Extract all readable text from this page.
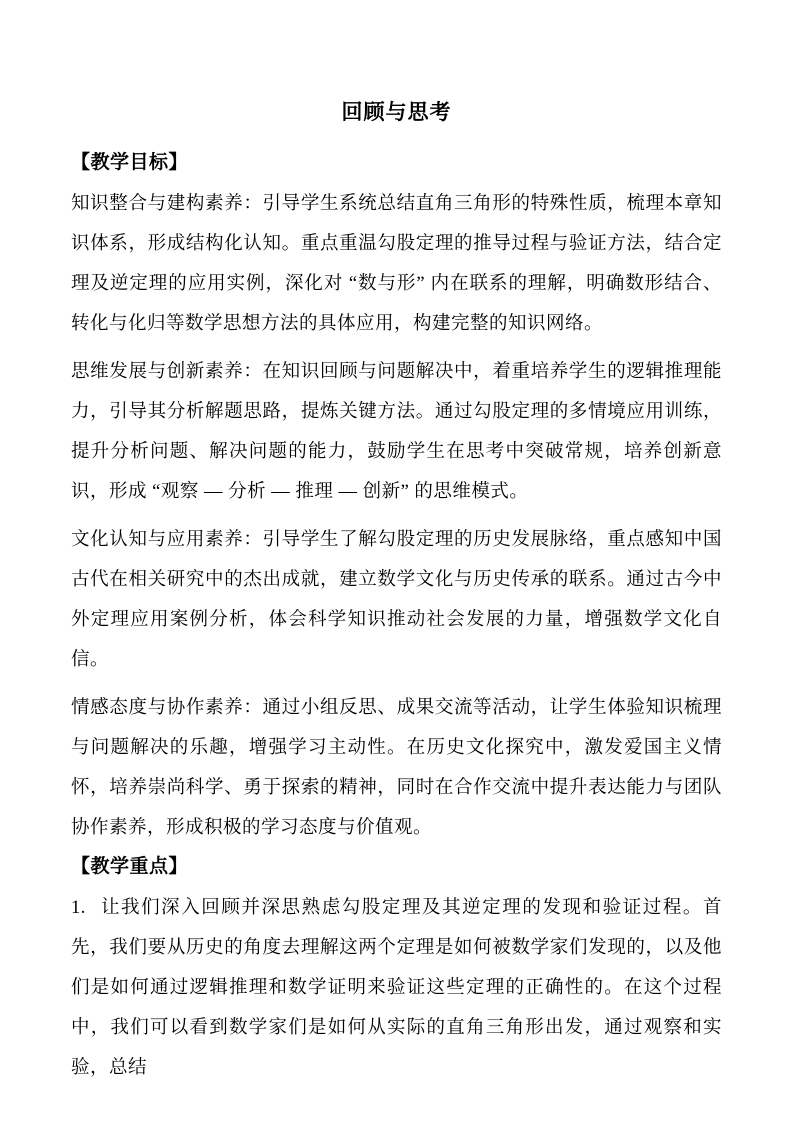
回顾与思考
【教学目标】

知识整合与建构素养：引导学生系统总结直角三角形的特殊性质，梳理本章知识体系，形成结构化认知。重点重温勾股定理的推导过程与验证方法，结合定理及逆定理的应用实例，深化对 “数与形” 内在联系的理解，明确数形结合、转化与化归等数学思想方法的具体应用，构建完整的知识网络。

思维发展与创新素养：在知识回顾与问题解决中，着重培养学生的逻辑推理能力，引导其分析解题思路，提炼关键方法。通过勾股定理的多情境应用训练，提升分析问题、解决问题的能力，鼓励学生在思考中突破常规，培养创新意识，形成 “观察 — 分析 — 推理 — 创新” 的思维模式。

文化认知与应用素养：引导学生了解勾股定理的历史发展脉络，重点感知中国古代在相关研究中的杰出成就，建立数学文化与历史传承的联系。通过古今中外定理应用案例分析，体会科学知识推动社会发展的力量，增强数学文化自信。

情感态度与协作素养：通过小组反思、成果交流等活动，让学生体验知识梳理与问题解决的乐趣，增强学习主动性。在历史文化探究中，激发爱国主义情怀，培养崇尚科学、勇于探索的精神，同时在合作交流中提升表达能力与团队协作素养，形成积极的学习态度与价值观。

【教学重点】

1. 让我们深入回顾并深思熟虑勾股定理及其逆定理的发现和验证过程。首先，我们要从历史的角度去理解这两个定理是如何被数学家们发现的，以及他们是如何通过逻辑推理和数学证明来验证这些定理的正确性的。在这个过程中，我们可以看到数学家们是如何从实际的直角三角形出发，通过观察和实验，总结
